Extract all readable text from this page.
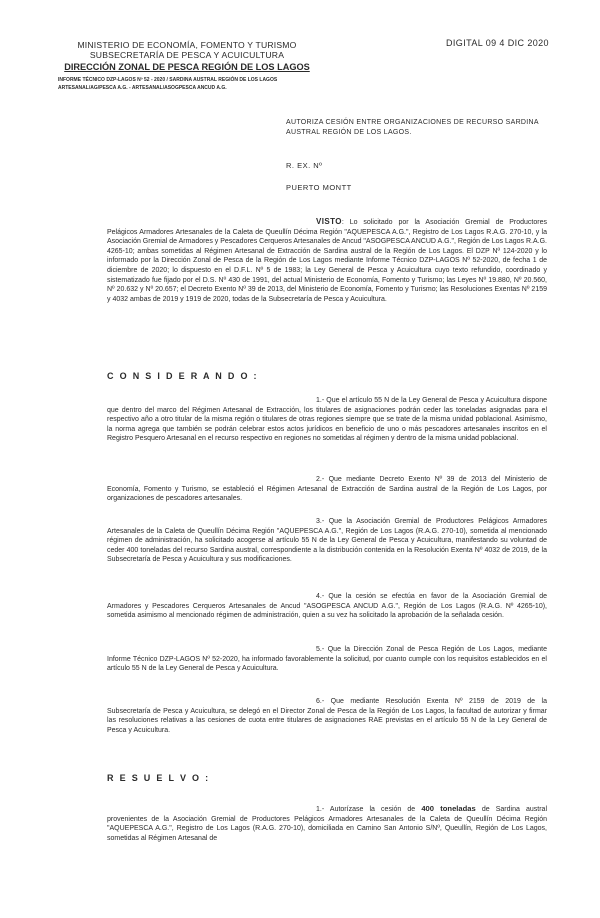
MINISTERIO DE ECONOMÍA, FOMENTO Y TURISMO
SUBSECRETARÍA DE PESCA Y ACUICULTURA
DIRECCIÓN ZONAL DE PESCA REGIÓN DE LOS LAGOS
INFORME TÉCNICO DZP-LAGOS Nº 52 - 2020 / SARDINA AUSTRAL REGIÓN DE LOS LAGOS
ARTESANAL/AG/PESCA A.G. - ARTESANAL/ASOGPESCA ANCUD A.G.
DIGITAL 09 4 DIC 2020
AUTORIZA CESIÓN ENTRE ORGANIZACIONES DE RECURSO SARDINA AUSTRAL REGIÓN DE LOS LAGOS.
R. EX. Nº
PUERTO MONTT

VISTO: Lo solicitado por la Asociación Gremial de Productores Pelágicos Armadores Artesanales de la Caleta de Queullín Décima Región "AQUEPESCA A.G.", Registro de Los Lagos R.A.G. 270-10, y la Asociación Gremial de Armadores y Pescadores Cerqueros Artesanales de Ancud "ASOGPESCA ANCUD A.G.", Región de Los Lagos R.A.G. 4265-10; ambas sometidas al Régimen Artesanal de Extracción de Sardina austral de la Región de Los Lagos. El DZP Nº 124-2020 y lo informado por la Dirección Zonal de Pesca de la Región de Los Lagos mediante Informe Técnico DZP-LAGOS Nº 52-2020, de fecha 1 de diciembre de 2020; lo dispuesto en el D.F.L. Nº 5 de 1983; la Ley General de Pesca y Acuicultura cuyo texto refundido, coordinado y sistematizado fue fijado por el D.S. Nº 430 de 1991, del actual Ministerio de Economía, Fomento y Turismo; las Leyes Nº 19.880, Nº 20.560, Nº 20.632 y Nº 20.657; el Decreto Exento Nº 39 de 2013, del Ministerio de Economía, Fomento y Turismo; las Resoluciones Exentas Nº 2159 y 4032 ambas de 2019 y 1919 de 2020, todas de la Subsecretaría de Pesca y Acuicultura.

C O N S I D E R A N D O :

1.- Que el artículo 55 N de la Ley General de Pesca y Acuicultura dispone que dentro del marco del Régimen Artesanal de Extracción, los titulares de asignaciones podrán ceder las toneladas asignadas para el respectivo año a otro titular de la misma región o titulares de otras regiones siempre que se trate de la misma unidad poblacional. Asimismo, la norma agrega que también se podrán celebrar estos actos jurídicos en beneficio de uno o más pescadores artesanales inscritos en el Registro Pesquero Artesanal en el recurso respectivo en regiones no sometidas al régimen y dentro de la misma unidad poblacional.

2.- Que mediante Decreto Exento Nº 39 de 2013 del Ministerio de Economía, Fomento y Turismo, se estableció el Régimen Artesanal de Extracción de Sardina austral de la Región de Los Lagos, por organizaciones de pescadores artesanales.

3.- Que la Asociación Gremial de Productores Pelágicos Armadores Artesanales de la Caleta de Queullín Décima Región "AQUEPESCA A.G.", Región de Los Lagos (R.A.G. 270-10), sometida al mencionado régimen de administración, ha solicitado acogerse al artículo 55 N de la Ley General de Pesca y Acuicultura, manifestando su voluntad de ceder 400 toneladas del recurso Sardina austral, correspondiente a la distribución contenida en la Resolución Exenta Nº 4032 de 2019, de la Subsecretaría de Pesca y Acuicultura y sus modificaciones.

4.- Que la cesión se efectúa en favor de la Asociación Gremial de Armadores y Pescadores Cerqueros Artesanales de Ancud "ASOGPESCA ANCUD A.G.", Región de Los Lagos (R.A.G. Nº 4265-10), sometida asimismo al mencionado régimen de administración, quien a su vez ha solicitado la aprobación de la señalada cesión.

5.- Que la Dirección Zonal de Pesca Región de Los Lagos, mediante Informe Técnico DZP-LAGOS Nº 52-2020, ha informado favorablemente la solicitud, por cuanto cumple con los requisitos establecidos en el artículo 55 N de la Ley General de Pesca y Acuicultura.

6.- Que mediante Resolución Exenta Nº 2159 de 2019 de la Subsecretaría de Pesca y Acuicultura, se delegó en el Director Zonal de Pesca de la Región de Los Lagos, la facultad de autorizar y firmar las resoluciones relativas a las cesiones de cuota entre titulares de asignaciones RAE previstas en el artículo 55 N de la Ley General de Pesca y Acuicultura.

R E S U E L V O :

1.- Autorízase la cesión de 400 toneladas de Sardina austral provenientes de la Asociación Gremial de Productores Pelágicos Armadores Artesanales de la Caleta de Queullín Décima Región "AQUEPESCA A.G.", Registro de Los Lagos (R.A.G. 270-10), domiciliada en Camino San Antonio S/Nº, Queullín, Región de Los Lagos, sometidas al Régimen Artesanal de
